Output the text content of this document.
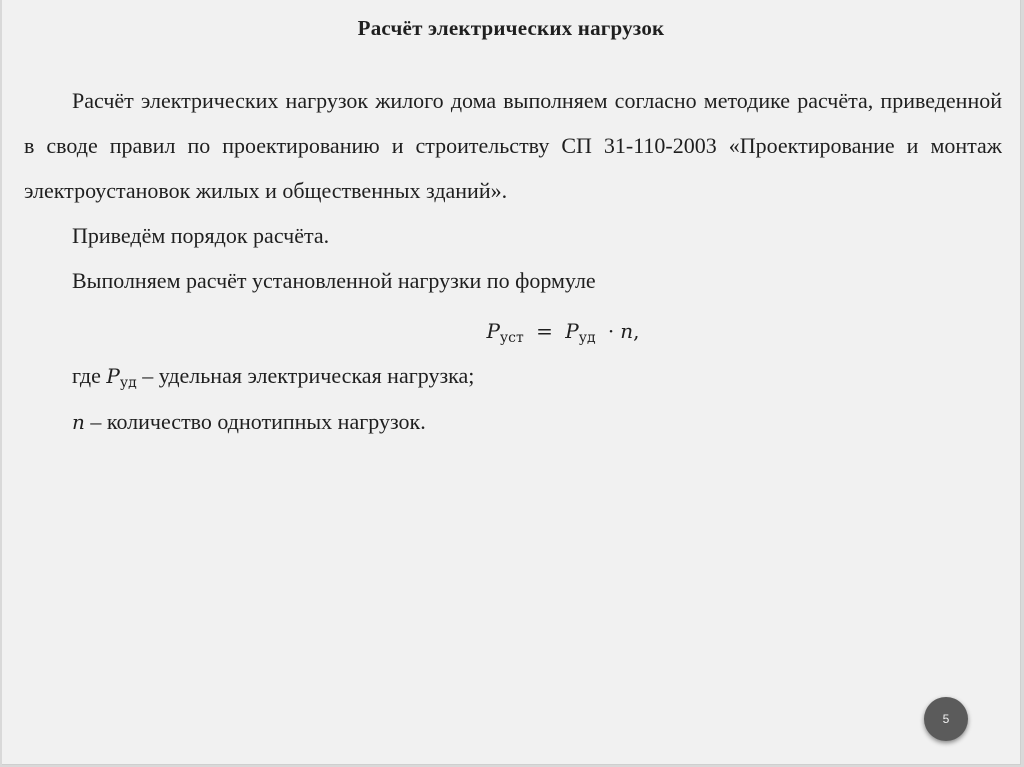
Расчёт электрических нагрузок

Расчёт электрических нагрузок жилого дома выполняем согласно методике расчёта, приведенной в своде правил по проектированию и строительству СП 31-110-2003 «Проектирование и монтаж электроустановок жилых и общественных зданий».

Приведём порядок расчёта.

Выполняем расчёт установленной нагрузки по формуле

$P_{уст} = P_{уд} \cdot n$,

где $P_{уд}$ – удельная электрическая нагрузка;

n – количество однотипных нагрузок.

5
